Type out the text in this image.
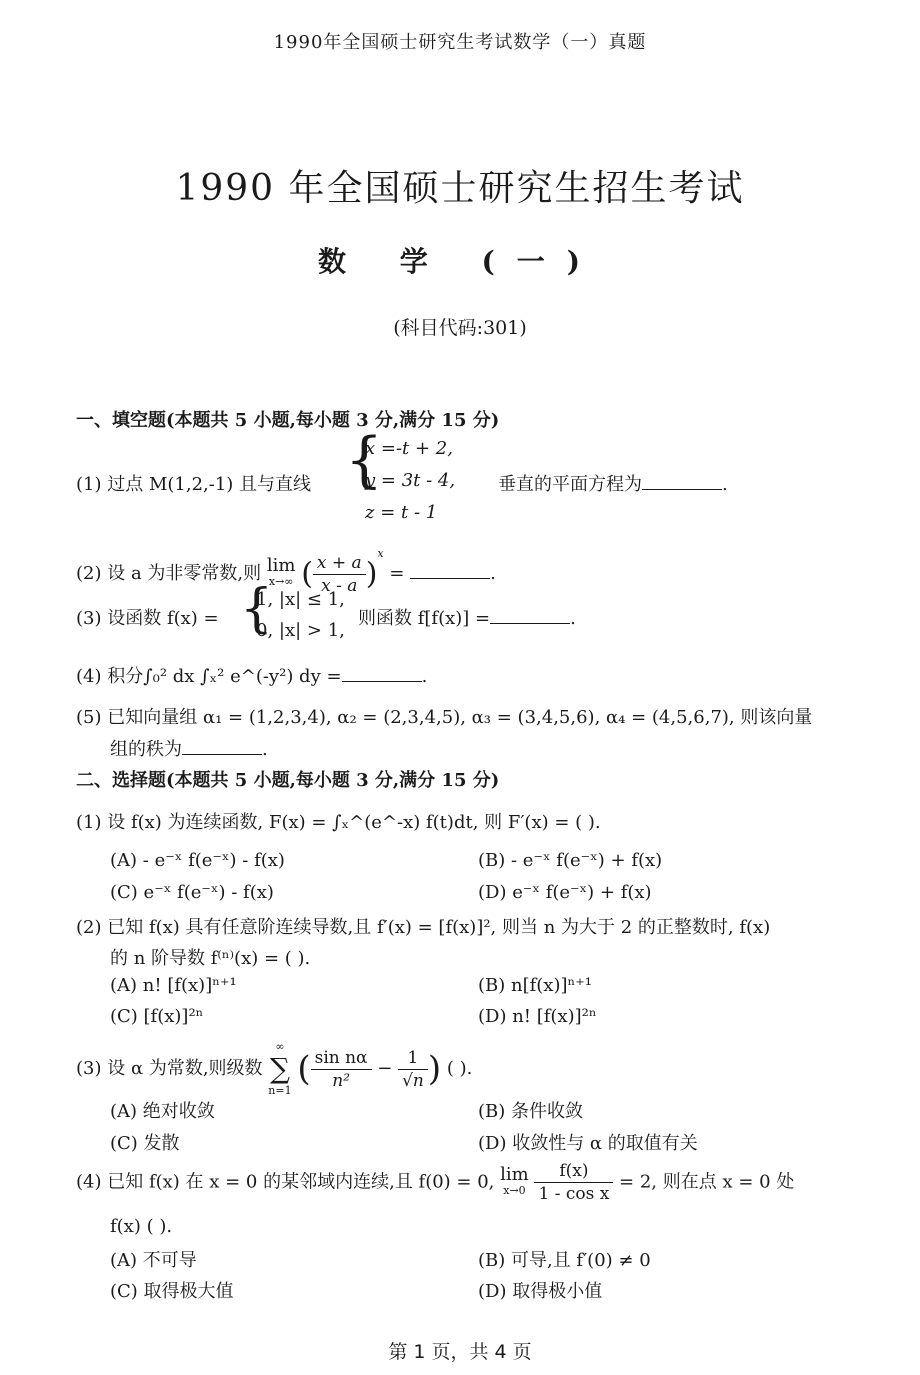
1990年全国硕士研究生考试数学（一）真题
1990 年全国硕士研究生招生考试
数 学 (一)
(科目代码:301)
一、填空题(本题共 5 小题,每小题 3 分,满分 15 分)
(1) 过点 M(1,2,-1) 且与直线 {
x =-t + 2,
y = 3t - 4,
z = t - 1
垂直的平面方程为	.
(2) 设 a 为非零常数,则 lim
x→∞ ( $\frac{x + a}{x - a} )^x$ =	.
(3) 设函数 f(x) = {
1, |x| ≤ 1,
0, |x| > 1,
则函数 f[f(x)] =	.
(4) 积分∫₀² dx ∫ₓ² e^(-y²) dy =	.
(5) 已知向量组 α₁ = (1,2,3,4), α₂ = (2,3,4,5), α₃ = (3,4,5,6), α₄ = (4,5,6,7), 则该向量
组的秩为	.
二、选择题(本题共 5 小题,每小题 3 分,满分 15 分)
(1) 设 f(x) 为连续函数, F(x) = ∫ₓ^(e^-x) f(t)dt, 则 F′(x) = ( ).
(A) - e⁻ˣ f(e⁻ˣ) - f(x)	(B) - e⁻ˣ f(e⁻ˣ) + f(x)
(C) e⁻ˣ f(e⁻ˣ) - f(x)	(D) e⁻ˣ f(e⁻ˣ) + f(x)
(2) 已知 f(x) 具有任意阶连续导数,且 f′(x) = [f(x)]², 则当 n 为大于 2 的正整数时, f(x)
的 n 阶导数 f⁽ⁿ⁾(x) = ( ).
(A) n! [f(x)]ⁿ⁺¹	(B) n[f(x)]ⁿ⁺¹
(C) [f(x)]²ⁿ	(D) n! [f(x)]²ⁿ
(3) 设 α 为常数,则级数
∞
∑
n=1
( $\frac{\text{sin nα}}{\text{n²}} - \frac{1}{√n}$ ) ( ).
(A) 绝对收敛	(B) 条件收敛
(C) 发散	(D) 收敛性与 α 的取值有关
(4) 已知 f(x) 在 x = 0 的某邻域内连续,且 f(0) = 0, lim
x→0
$\frac{f(x)}{\text{1 - cos x}} = 2$, 则在点 x = 0 处
f(x) ( ).
(A) 不可导	(B) 可导,且 f′(0) ≠ 0
(C) 取得极大值	(D) 取得极小值
第 1 页，共 4 页
